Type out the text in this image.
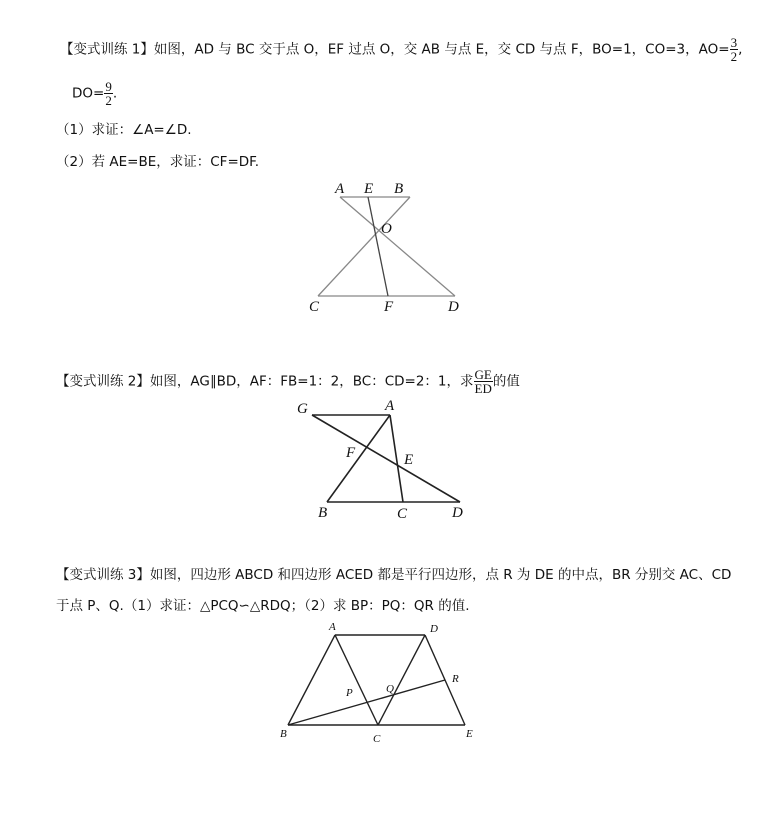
【变式训练 1】如图，AD 与 BC 交于点 O，EF 过点 O，交 AB 与点 E，交 CD 与点 F，BO=1，CO=3，$AO= \frac{3}{2}$ ,
$DO= \frac{9}{2}$ .
（1）求证：∠A=∠D.
（2）若 AE=BE，求证：CF=DF.
【变式训练 2】如图，AG∥BD，AF：FB=1：2，BC：CD=2：1，求 $\frac{GE}{ED}$ 的值
【变式训练 3】如图，四边形 ABCD 和四边形 ACED 都是平行四边形，点 R 为 DE 的中点，BR 分别交 AC、CD
于点 P、Q.（1）求证：△PCQ∽△RDQ；（2）求 BP：PQ：QR 的值.
A E B
O
C	F	D
G	A
F	E
B	C	D
A	D
R
P	Q
B	C	E
